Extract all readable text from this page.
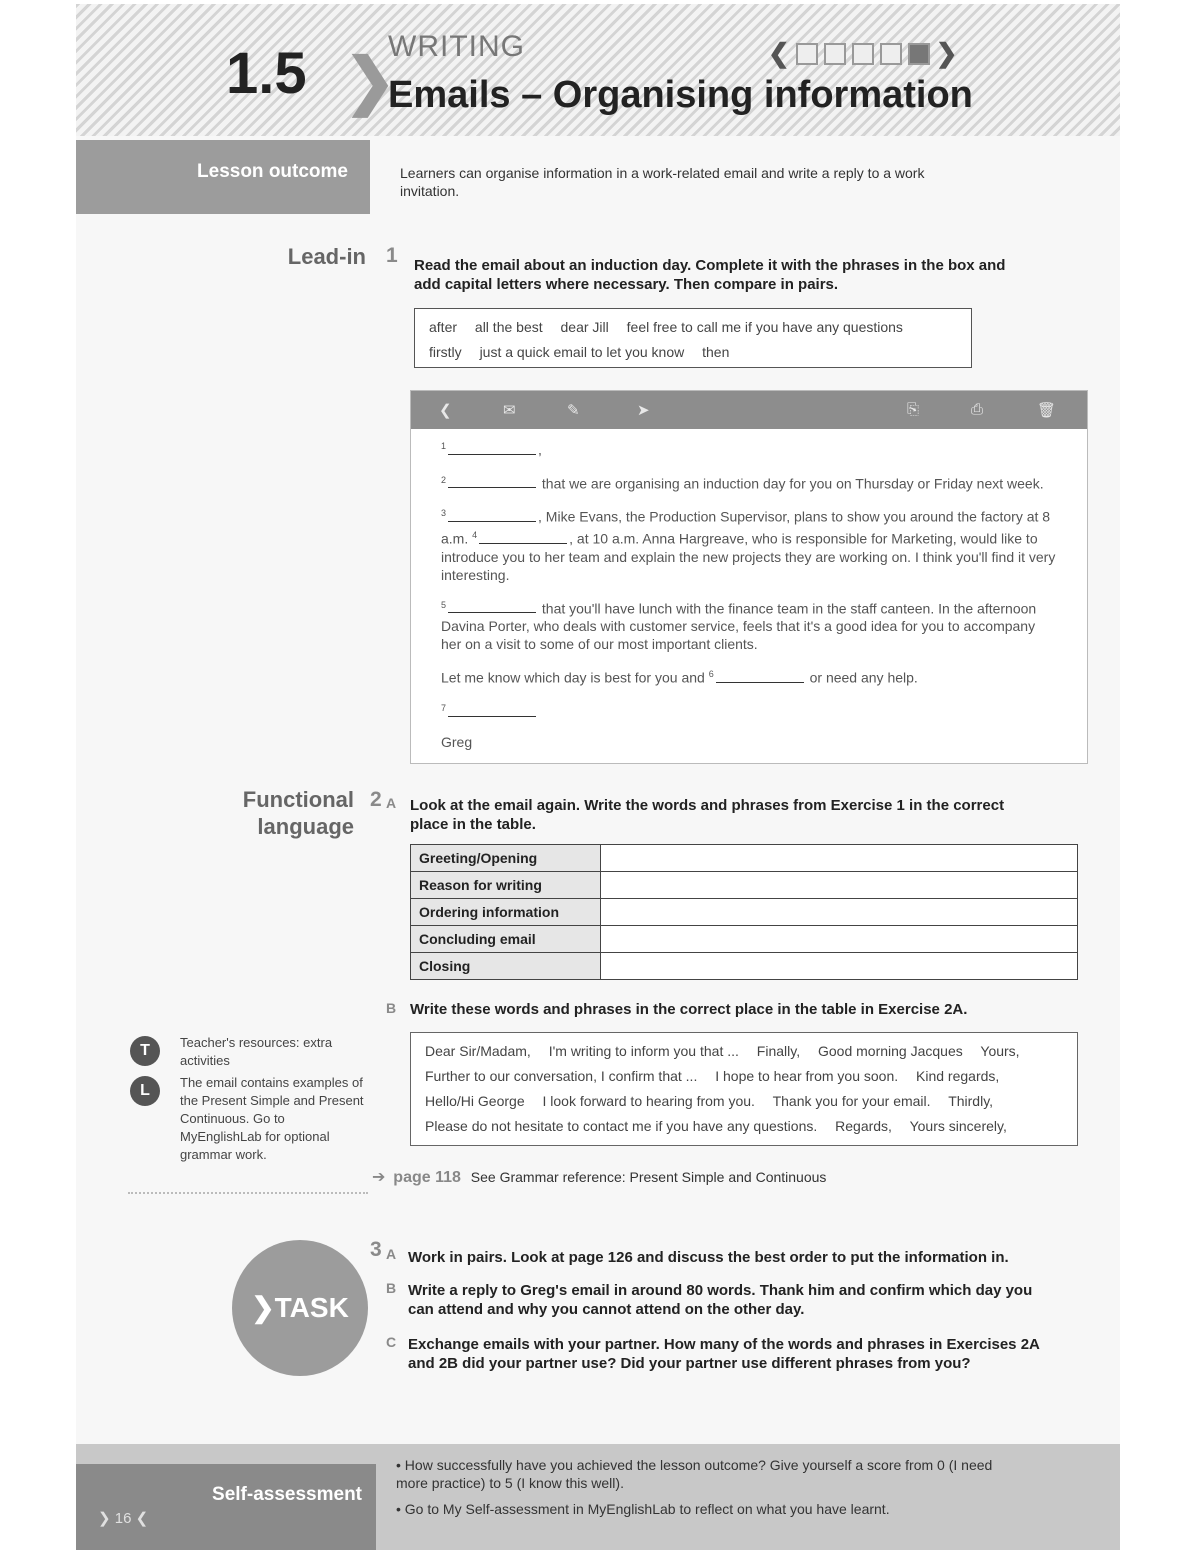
1.5 ❯
WRITING
Emails – Organising information
❮	❯
Lesson outcome	Learners can organise information in a work-related email and write a reply to a work invitation.
Lead-in 1 Read the email about an induction day. Complete it with the phrases in the box and add capital letters where necessary. Then compare in pairs.
after all the best dear Jill feel free to call me if you have any questions
firstly just a quick email to let you know then
❮	✉	✎	➤	⎘	⎙	🗑

$^1$	,

$^2$	that we are organising an induction day for you on Thursday or Friday next week.

$^3$	, Mike Evans, the Production Supervisor, plans to show you around the factory at 8 a.m. $^4$	, at 10 a.m. Anna Hargreave, who is responsible for Marketing, would like to introduce you to her team and explain the new projects they are working on. I think you'll find it very interesting.

$^5$	that you'll have lunch with the finance team in the staff canteen. In the afternoon Davina Porter, who deals with customer service, feels that it's a good idea for you to accompany her on a visit to some of our most important clients.

Let me know which day is best for you and $^6$	or need any help.

$^7$

Greg

Functional
language
2 A Look at the email again. Write the words and phrases from Exercise 1 in the correct place in the table.
Greeting/Opening	
Reason for writing	
Ordering information	
Concluding email	
Closing	
B Write these words and phrases in the correct place in the table in Exercise 2A.
Dear Sir/Madam, I'm writing to inform you that ... Finally, Good morning Jacques Yours,
Further to our conversation, I confirm that ... I hope to hear from you soon. Kind regards,
Hello/Hi George I look forward to hearing from you. Thank you for your email. Thirdly,
Please do not hesitate to contact me if you have any questions. Regards, Yours sincerely,
T	Teacher's resources: extra activities
L	The email contains examples of the Present Simple and Present Continuous. Go to MyEnglishLab for optional grammar work.
➔ page 118 See Grammar reference: Present Simple and Continuous
❯TASK
3 A Work in pairs. Look at page 126 and discuss the best order to put the information in.
B Write a reply to Greg's email in around 80 words. Thank him and confirm which day you can attend and why you cannot attend on the other day.
C Exchange emails with your partner. How many of the words and phrases in Exercises 2A and 2B did your partner use? Did your partner use different phrases from you?
Self-assessment
❯ 16 ❮
• How successfully have you achieved the lesson outcome? Give yourself a score from 0 (I need more practice) to 5 (I know this well).
• Go to My Self-assessment in MyEnglishLab to reflect on what you have learnt.
